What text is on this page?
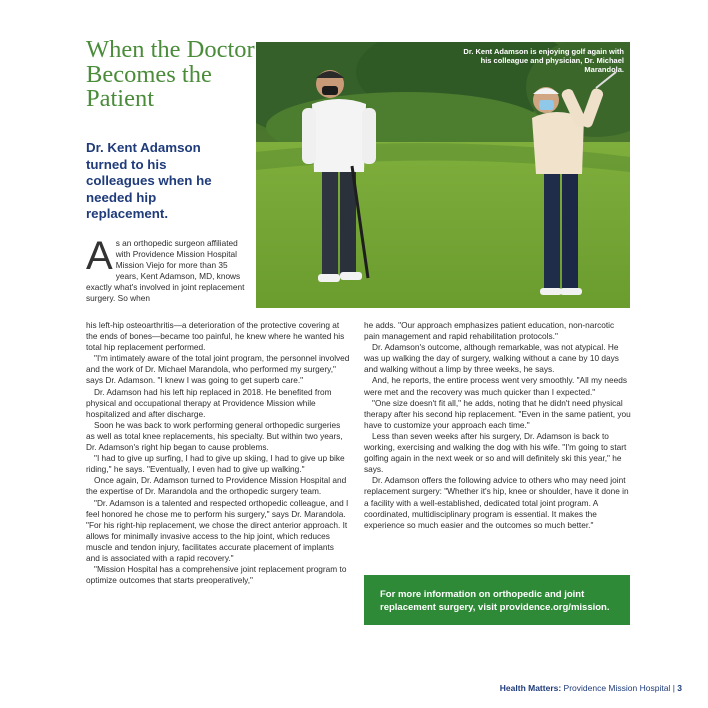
When the Doctor Becomes the Patient

Dr. Kent Adamson turned to his colleagues when he needed hip replacement.

Dr. Kent Adamson is enjoying golf again with his colleague and physician, Dr. Michael Marandola.
A s an orthopedic surgeon affiliated with Providence Mission Hospital Mission Viejo for more than 35 years, Kent Adamson, MD, knows exactly what's involved in joint replacement surgery. So when

his left-hip osteoarthritis—a deterioration of the protective covering at the ends of bones—became too painful, he knew where he wanted his total hip replacement performed.

"I'm intimately aware of the total joint program, the personnel involved and the work of Dr. Michael Marandola, who performed my surgery," says Dr. Adamson. "I knew I was going to get superb care."

Dr. Adamson had his left hip replaced in 2018. He benefited from physical and occupational therapy at Providence Mission while hospitalized and after discharge.

Soon he was back to work performing general orthopedic surgeries as well as total knee replacements, his specialty. But within two years, Dr. Adamson's right hip began to cause problems.

"I had to give up surfing, I had to give up skiing, I had to give up bike riding," he says. "Eventually, I even had to give up walking."

Once again, Dr. Adamson turned to Providence Mission Hospital and the expertise of Dr. Marandola and the orthopedic surgery team.

"Dr. Adamson is a talented and respected orthopedic colleague, and I feel honored he chose me to perform his surgery," says Dr. Marandola. "For his right-hip replacement, we chose the direct anterior approach. It allows for minimally invasive access to the hip joint, which reduces muscle and tendon injury, facilitates accurate placement of implants and is associated with a rapid recovery."

"Mission Hospital has a comprehensive joint replacement program to optimize outcomes that starts preoperatively,"

he adds. "Our approach emphasizes patient education, non-narcotic pain management and rapid rehabilitation protocols."

Dr. Adamson's outcome, although remarkable, was not atypical. He was up walking the day of surgery, walking without a cane by 10 days and walking without a limp by three weeks, he says.

And, he reports, the entire process went very smoothly. "All my needs were met and the recovery was much quicker than I expected."

"One size doesn't fit all," he adds, noting that he didn't need physical therapy after his second hip replacement. "Even in the same patient, you have to customize your approach each time."

Less than seven weeks after his surgery, Dr. Adamson is back to working, exercising and walking the dog with his wife. "I'm going to start golfing again in the next week or so and will definitely ski this year," he says.

Dr. Adamson offers the following advice to others who may need joint replacement surgery: "Whether it's hip, knee or shoulder, have it done in a facility with a well-established, dedicated total joint program. A coordinated, multidisciplinary program is essential. It makes the experience so much easier and the outcomes so much better."

For more information on orthopedic and joint replacement surgery, visit providence.org/mission.
Health Matters: Providence Mission Hospital | 3
